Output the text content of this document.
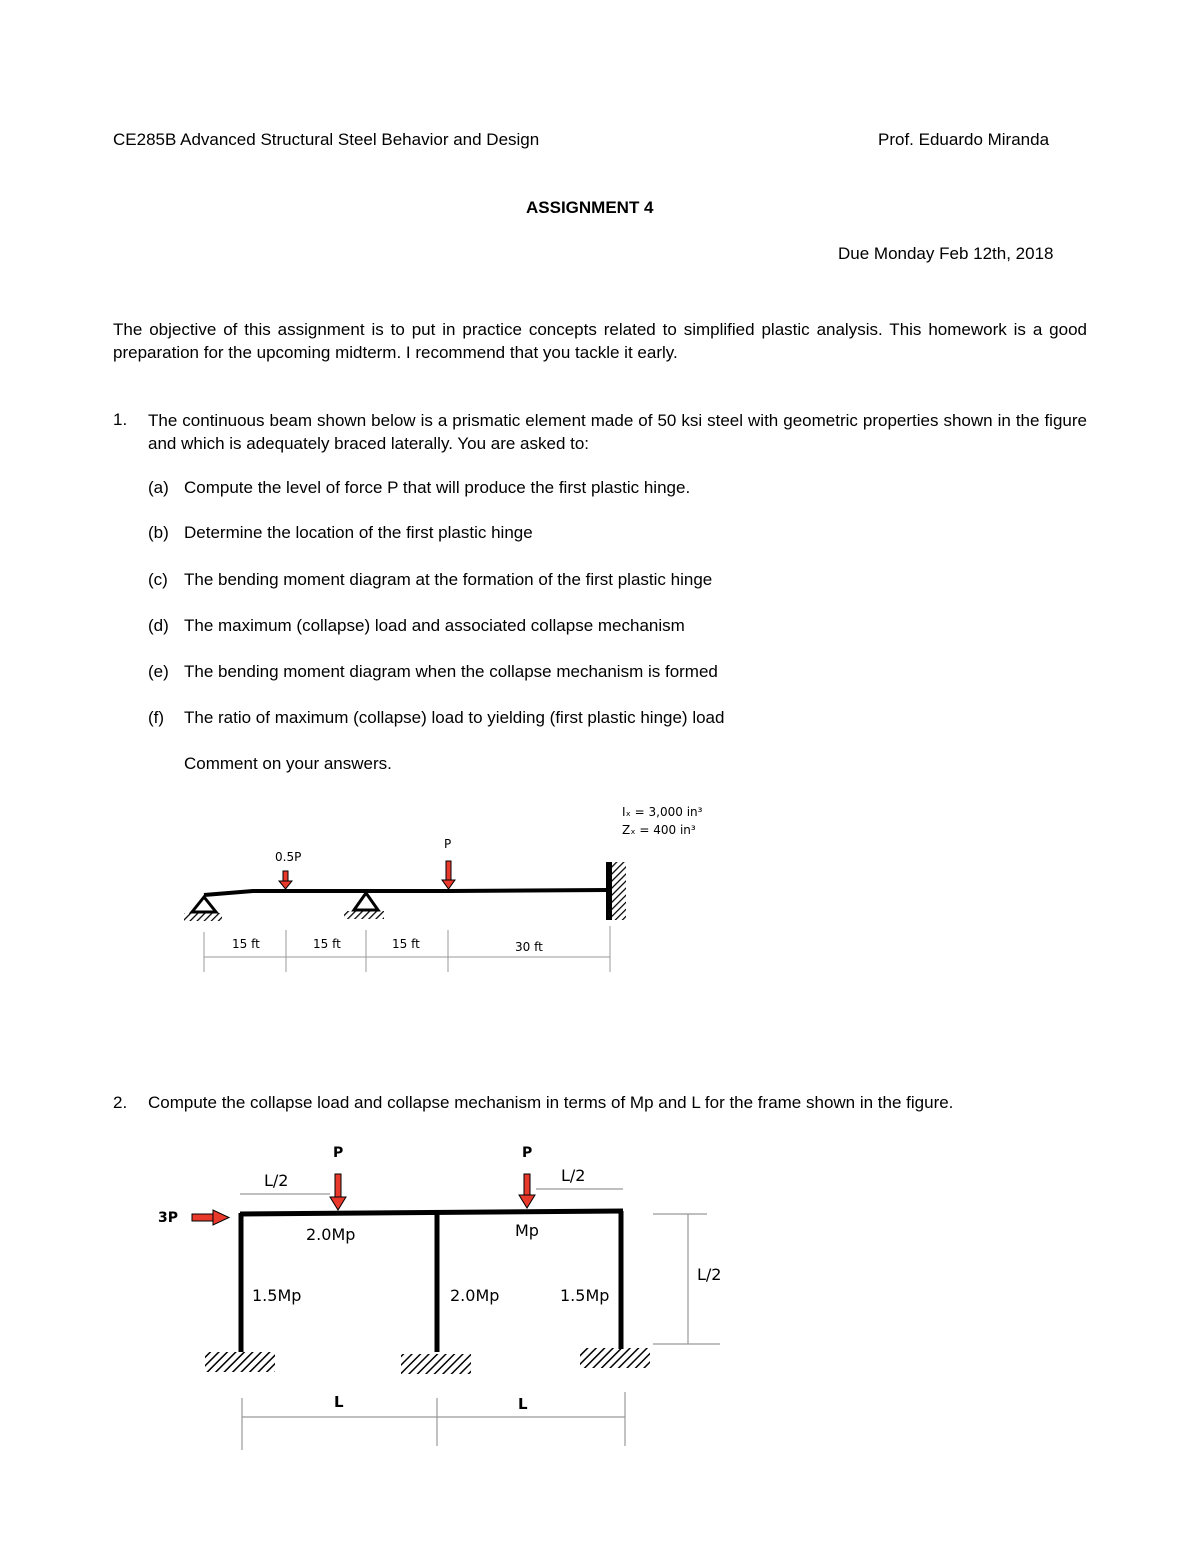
CE285B Advanced Structural Steel Behavior and Design	Prof. Eduardo Miranda
ASSIGNMENT 4
Due Monday Feb 12th, 2018
The objective of this assignment is to put in practice concepts related to simplified plastic analysis. This homework is a good preparation for the upcoming midterm. I recommend that you tackle it early.
1. The continuous beam shown below is a prismatic element made of 50 ksi steel with geometric properties shown in the figure and which is adequately braced laterally. You are asked to:
(a) Compute the level of force P that will produce the first plastic hinge.
(b) Determine the location of the first plastic hinge
(c) The bending moment diagram at the formation of the first plastic hinge
(d) The maximum (collapse) load and associated collapse mechanism
(e) The bending moment diagram when the collapse mechanism is formed
(f) The ratio of maximum (collapse) load to yielding (first plastic hinge) load
Comment on your answers.
0.5P
P
Iₓ = 3,000 in³
Zₓ = 400 in³
15 ft	15 ft	15 ft	30 ft
2. Compute the collapse load and collapse mechanism in terms of Mp and L for the frame shown in the figure.
P	P
3P
L/2	L/2
L/2
2.0Mp	Mp
1.5Mp	2.0Mp	1.5Mp
L	L
